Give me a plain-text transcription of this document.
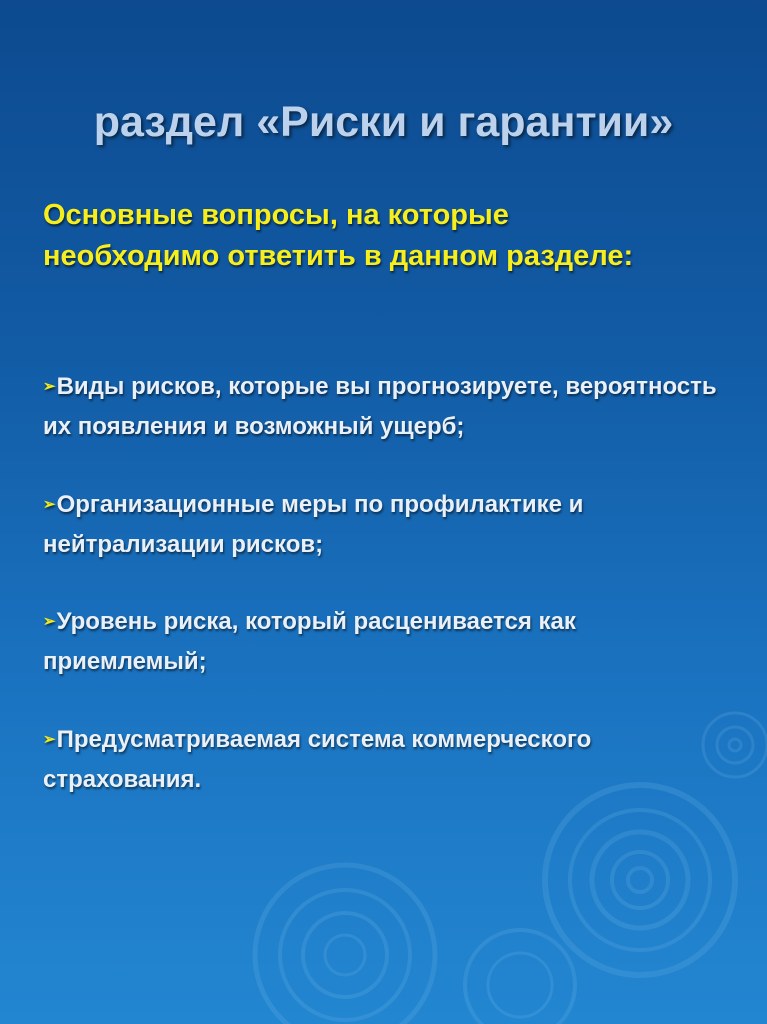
раздел «Риски и гарантии»
Основные вопросы, на которые необходимо ответить в данном разделе:
➢Виды рисков, которые вы прогнозируете, вероятность их появления и возможный ущерб;
➢Организационные меры по профилактике и нейтрализации рисков;
➢Уровень риска, который расценивается как приемлемый;
➢Предусматриваемая система коммерческого страхования.
